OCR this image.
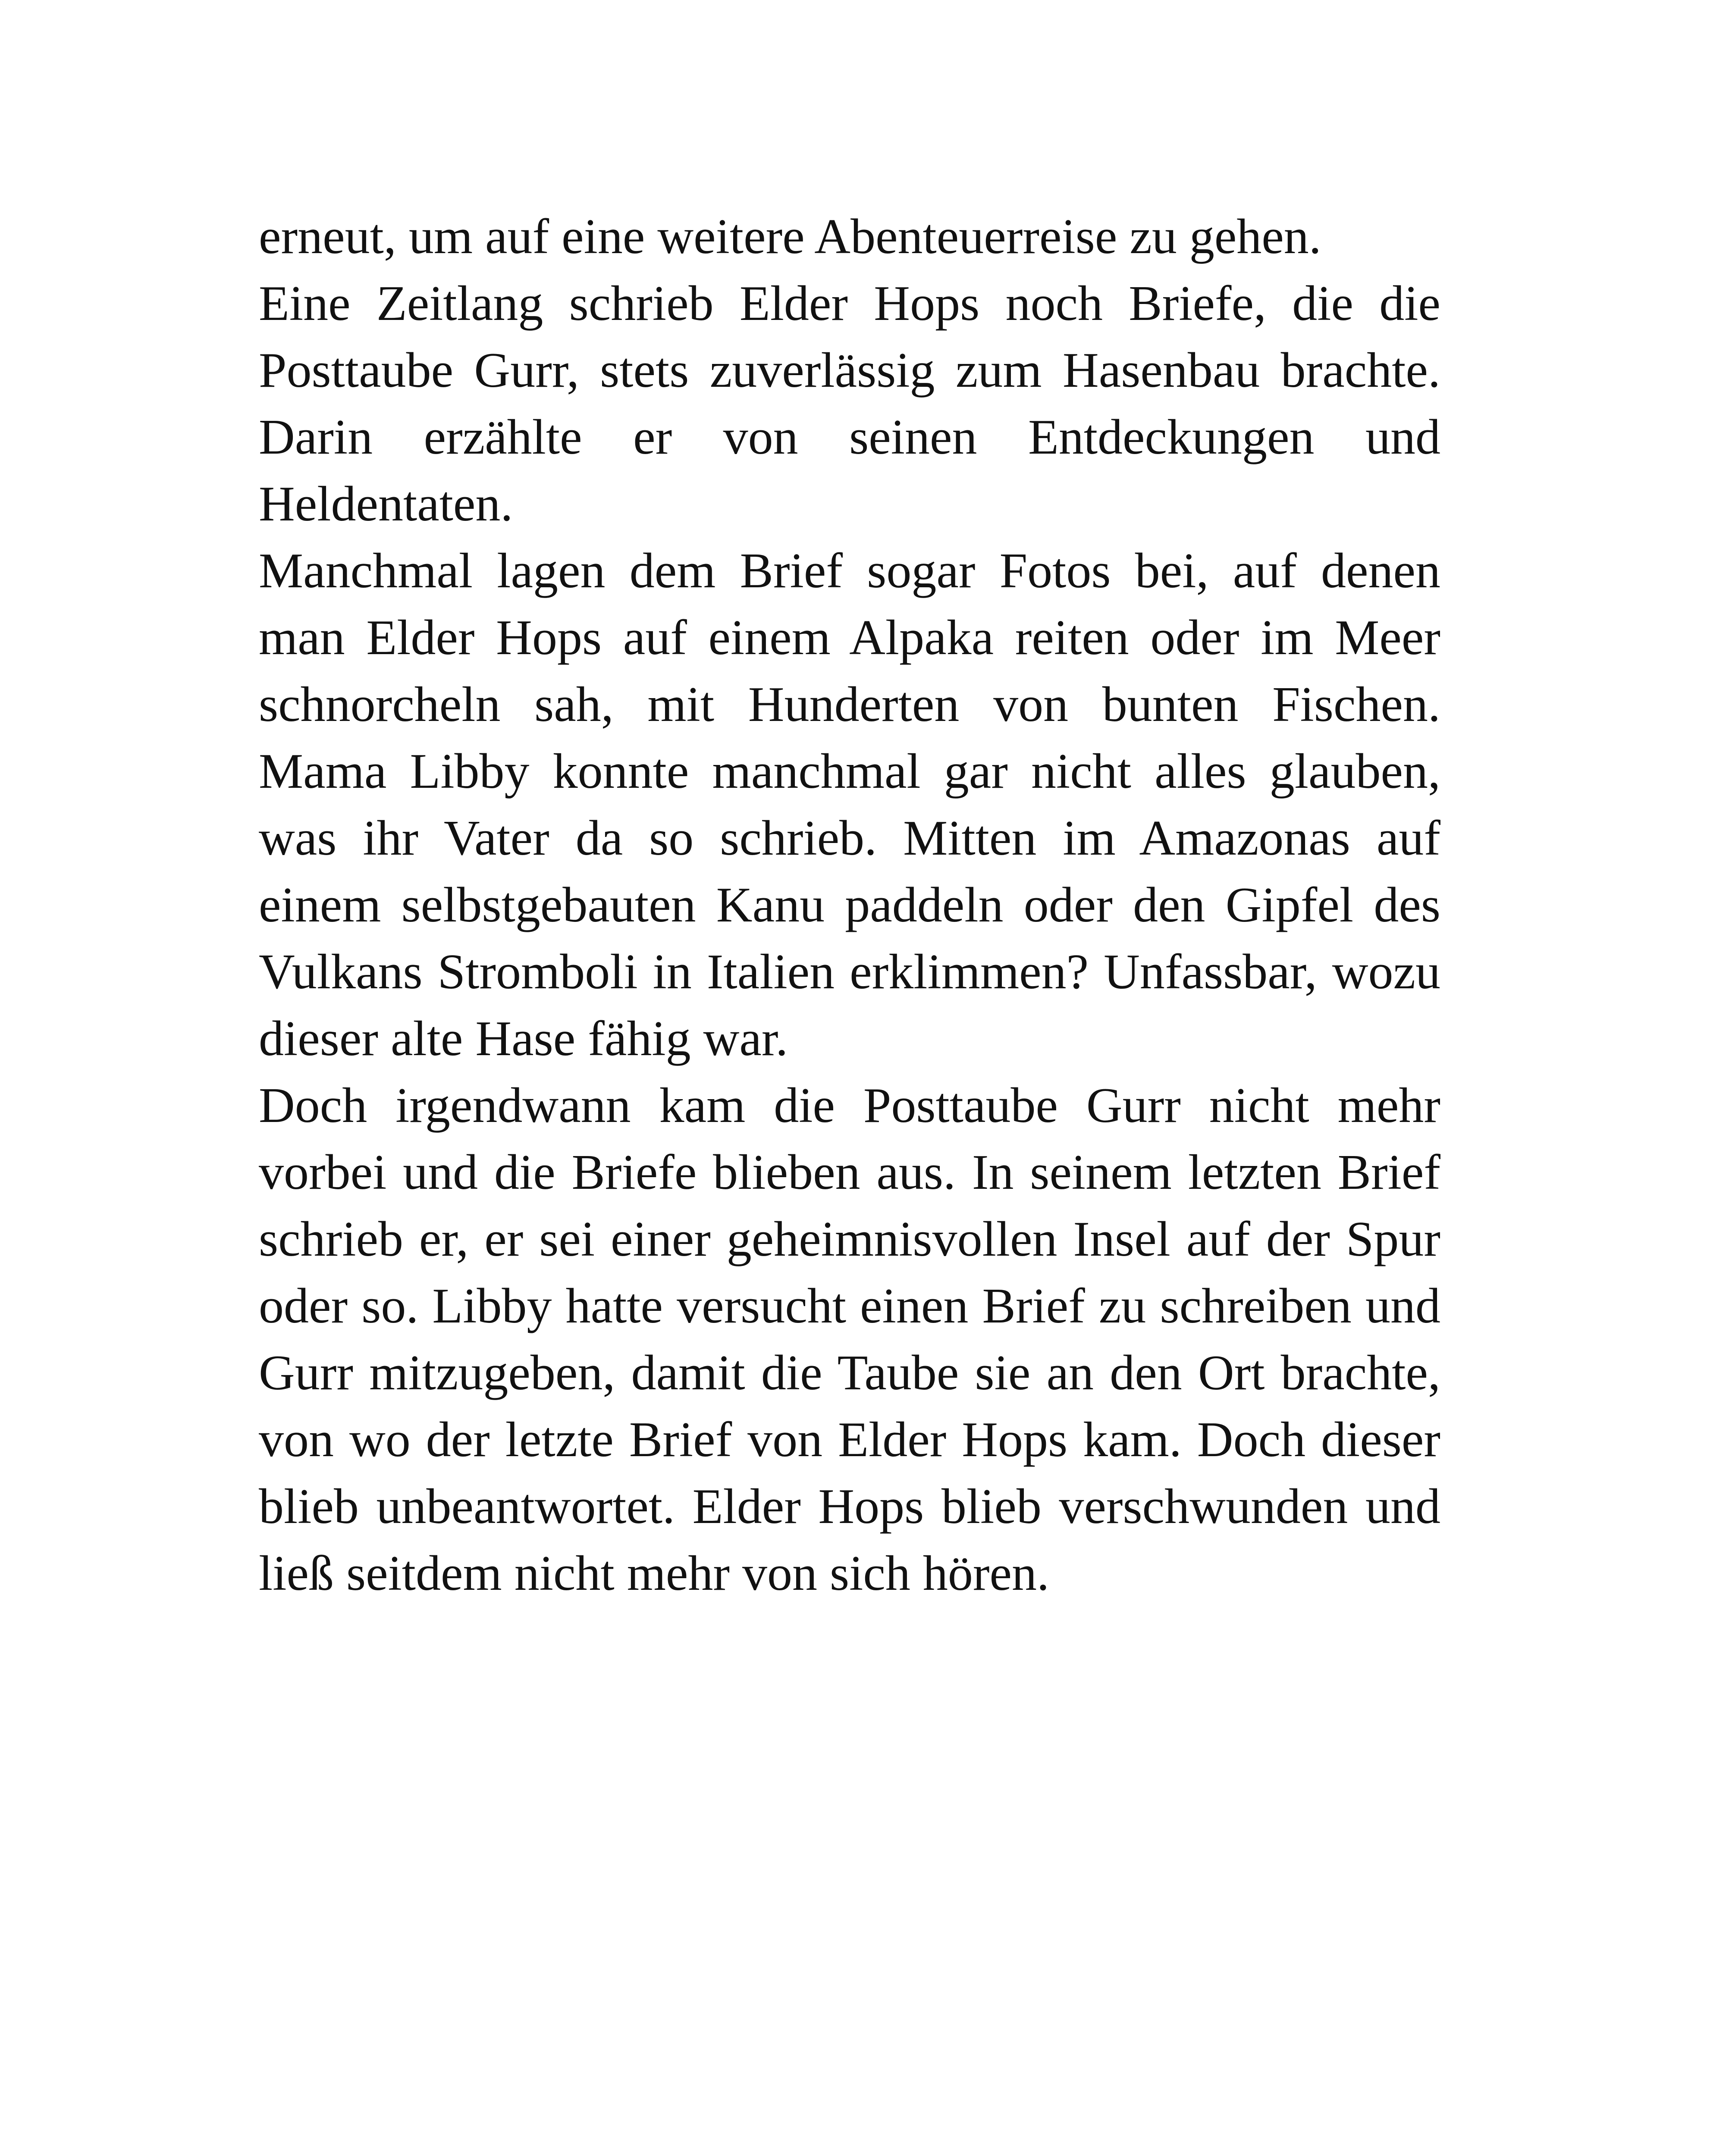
erneut, um auf eine weitere Abenteuerreise zu gehen.

Eine Zeitlang schrieb Elder Hops noch Briefe, die die Posttaube Gurr, stets zuverlässig zum Hasenbau brachte. Darin erzählte er von seinen Entdeckungen und Heldentaten.

Manchmal lagen dem Brief sogar Fotos bei, auf denen man Elder Hops auf einem Alpaka reiten oder im Meer schnorcheln sah, mit Hunderten von bunten Fischen. Mama Libby konnte manchmal gar nicht alles glauben, was ihr Vater da so schrieb. Mitten im Amazonas auf einem selbstgebauten Kanu paddeln oder den Gipfel des Vulkans Stromboli in Italien erklimmen? Unfassbar, wozu dieser alte Hase fähig war.

Doch irgendwann kam die Posttaube Gurr nicht mehr vorbei und die Briefe blieben aus. In seinem letzten Brief schrieb er, er sei einer geheimnisvollen Insel auf der Spur oder so. Libby hatte versucht einen Brief zu schreiben und Gurr mitzugeben, damit die Taube sie an den Ort brachte, von wo der letzte Brief von Elder Hops kam. Doch dieser blieb unbeantwortet. Elder Hops blieb verschwunden und ließ seitdem nicht mehr von sich hören.
